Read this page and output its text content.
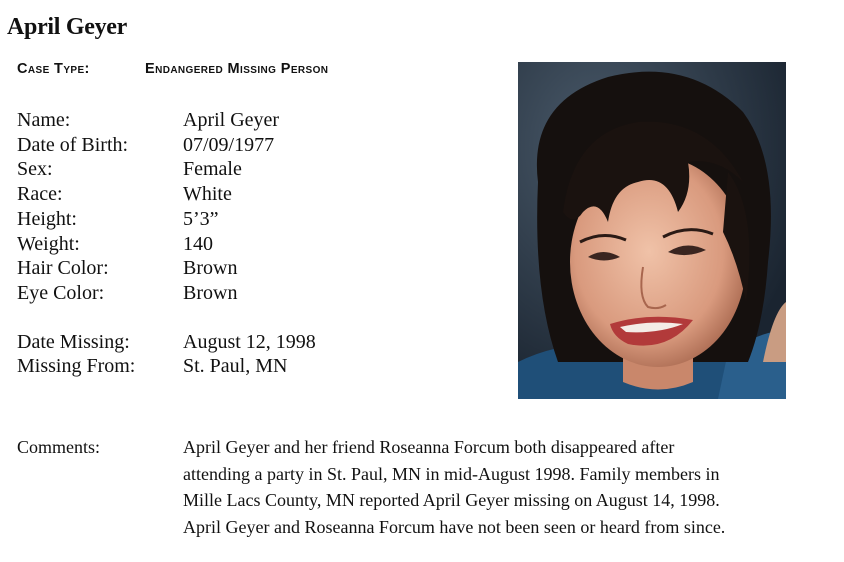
April Geyer
Case Type:	Endangered Missing Person
Name:	April Geyer
Date of Birth:	07/09/1977
Sex:	Female
Race:	White
Height:	5’3”
Weight:	140
Hair Color:	Brown
Eye Color:	Brown
Date Missing:	August 12, 1998
Missing From:	St. Paul, MN
Comments:	April Geyer and her friend Roseanna Forcum both disappeared after
attending a party in St. Paul, MN in mid-August 1998. Family members in
Mille Lacs County, MN reported April Geyer missing on August 14, 1998.
April Geyer and Roseanna Forcum have not been seen or heard from since.
